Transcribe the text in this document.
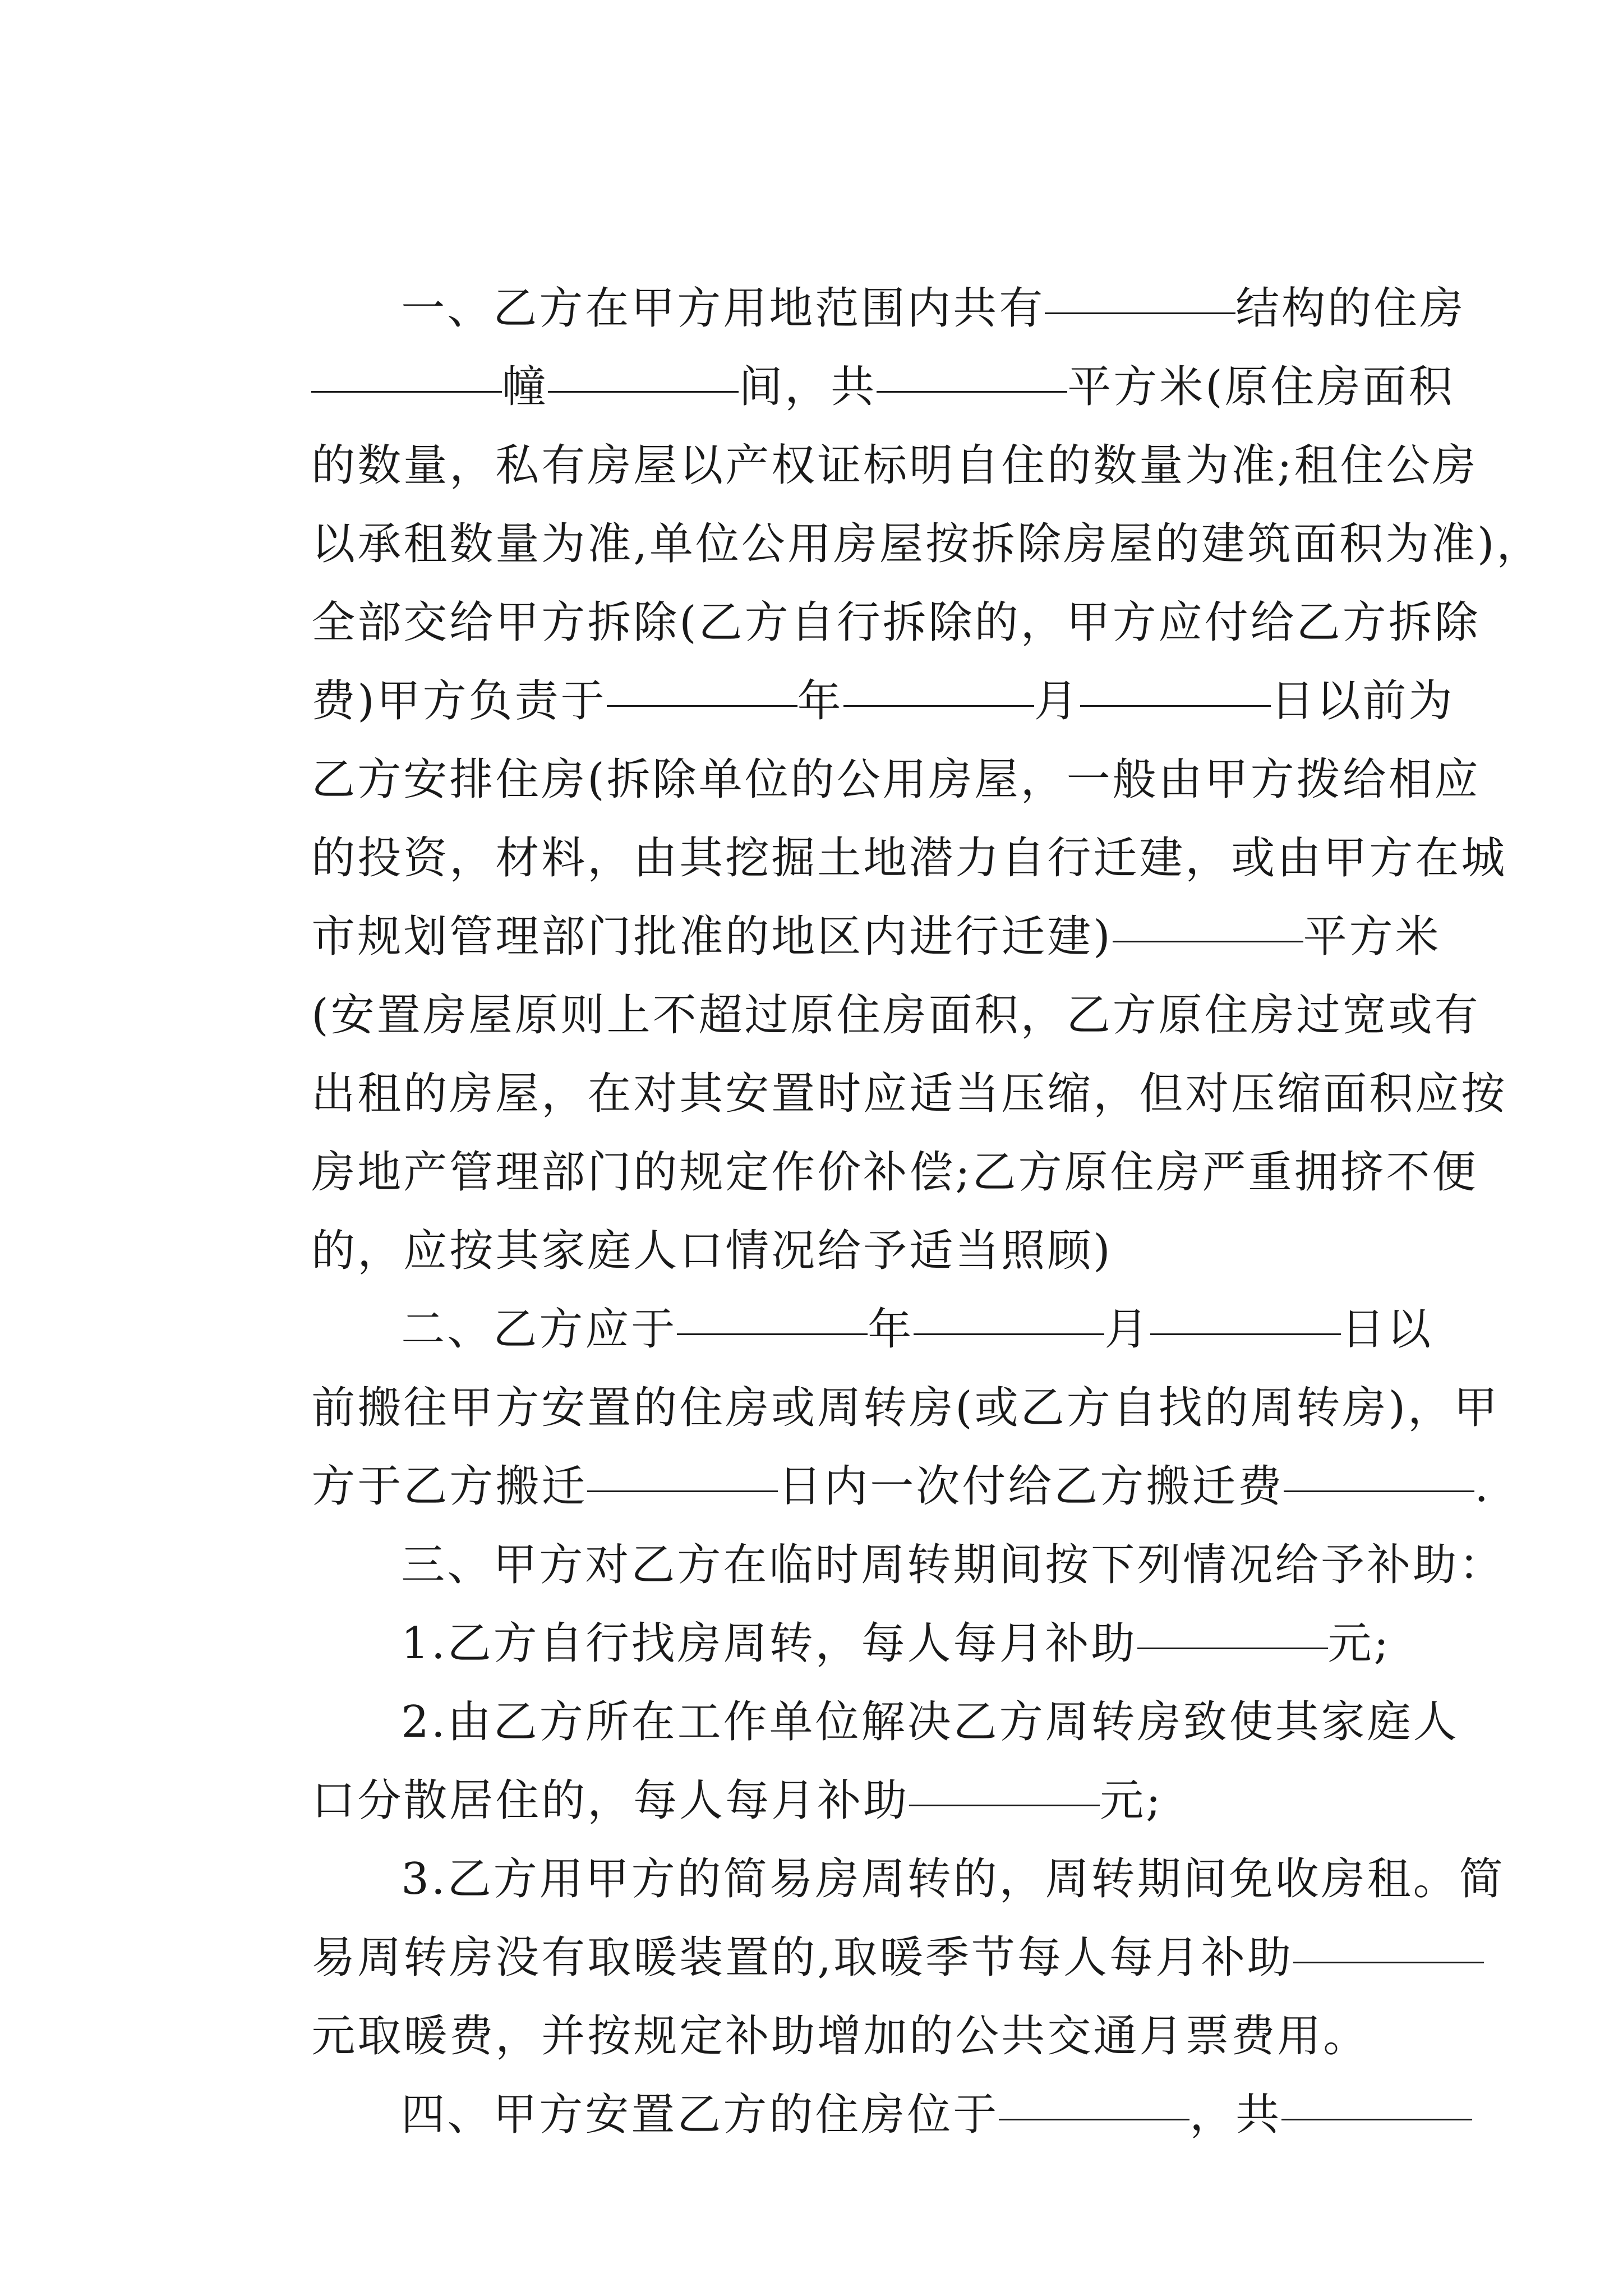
一、乙方在甲方用地范围内共有	结构的住房

幢	间，共	平方米(原住房面积

的数量，私有房屋以产权证标明自住的数量为准;租住公房

以承租数量为准,单位公用房屋按拆除房屋的建筑面积为准)，

全部交给甲方拆除(乙方自行拆除的，甲方应付给乙方拆除

费)甲方负责于	年	月	日以前为

乙方安排住房(拆除单位的公用房屋，一般由甲方拨给相应

的投资，材料，由其挖掘土地潜力自行迁建，或由甲方在城

市规划管理部门批准的地区内进行迁建)	平方米

(安置房屋原则上不超过原住房面积，乙方原住房过宽或有

出租的房屋，在对其安置时应适当压缩，但对压缩面积应按

房地产管理部门的规定作价补偿;乙方原住房严重拥挤不便

的，应按其家庭人口情况给予适当照顾)

二、乙方应于	年	月	日以

前搬往甲方安置的住房或周转房(或乙方自找的周转房)，甲

方于乙方搬迁	日内一次付给乙方搬迁费	.

三、甲方对乙方在临时周转期间按下列情况给予补助：

1.乙方自行找房周转，每人每月补助	元;

2.由乙方所在工作单位解决乙方周转房致使其家庭人

口分散居住的，每人每月补助	元;

3.乙方用甲方的简易房周转的，周转期间免收房租。简

易周转房没有取暖装置的,取暖季节每人每月补助

元取暖费，并按规定补助增加的公共交通月票费用。

四、甲方安置乙方的住房位于	，共
